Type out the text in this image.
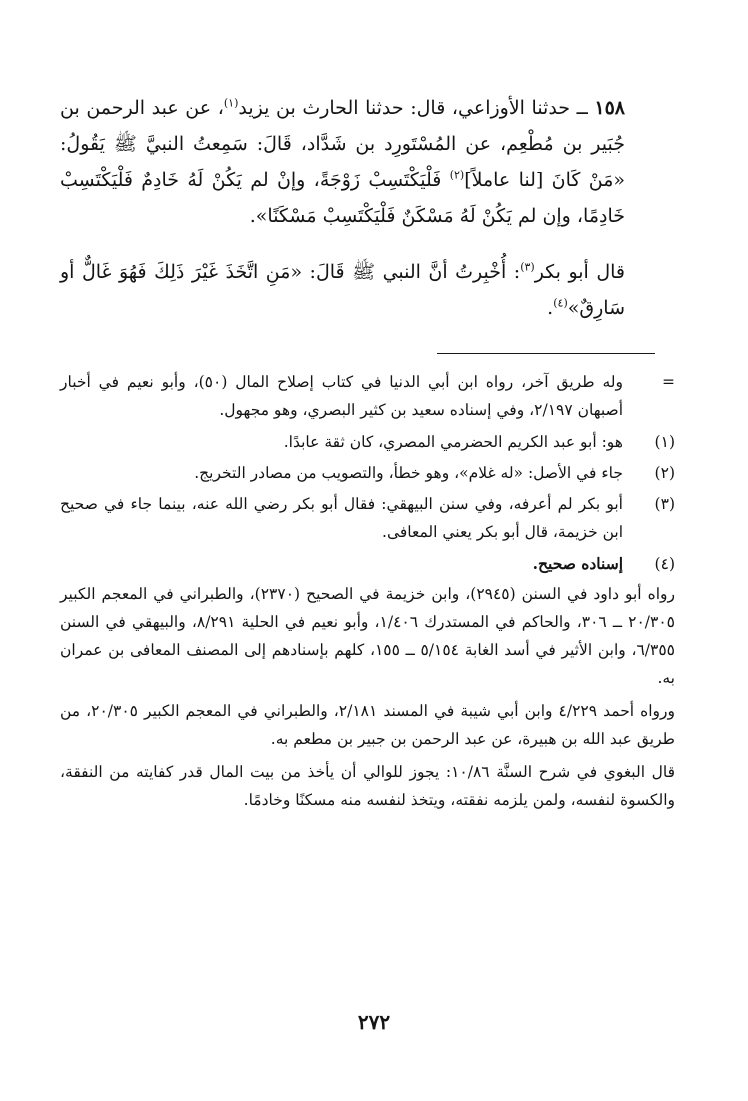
١٥٨ ــ حدثنا الأوزاعي، قال: حدثنا الحارث بن يزيد$^{(١)}$، عن عبد الرحمن بن جُبَير بن مُطْعِم، عن المُسْتَورِد بن شَدَّاد، قَالَ: سَمِعتُ النبيَّ ﷺ يَقُولُ: «مَنْ كَانَ [لنا عاملاً]$^{(٢)}$ فَلْيَكْتَسِبْ زَوْجَةً، وإنْ لم يَكُنْ لَهُ خَادِمٌ فَلْيَكْتَسِبْ خَادِمًا، وإن لم يَكُنْ لَهُ مَسْكَنٌ فَلْيَكْتَسِبْ مَسْكَنًا».

قال أبو بكر$^{(٣)}$: أُخْبِرتُ أنَّ النبي ﷺ قَالَ: «مَنِ اتَّخَذَ غَيْرَ ذَلِكَ فَهُوَ غَالٌّ أو سَارِقٌ»$^{(٤)}$.

=
وله طريق آخر، رواه ابن أبي الدنيا في كتاب إصلاح المال (٥٠)، وأبو نعيم في أخبار أصبهان ٢/١٩٧، وفي إسناده سعيد بن كثير البصري، وهو مجهول.
(١)
هو: أبو عبد الكريم الحضرمي المصري، كان ثقة عابدًا.
(٢)
جاء في الأصل: «له غلام»، وهو خطأ، والتصويب من مصادر التخريج.
(٣)
أبو بكر لم أعرفه، وفي سنن البيهقي: فقال أبو بكر رضي الله عنه، بينما جاء في صحيح ابن خزيمة، قال أبو بكر يعني المعافى.
(٤)
إسناده صحيح.
رواه أبو داود في السنن (٢٩٤٥)، وابن خزيمة في الصحيح (٢٣٧٠)، والطبراني في المعجم الكبير ٢٠/٣٠٥ ــ ٣٠٦، والحاكم في المستدرك ١/٤٠٦، وأبو نعيم في الحلية ٨/٢٩١، والبيهقي في السنن ٦/٣٥٥، وابن الأثير في أسد الغابة ٥/١٥٤ ــ ١٥٥، كلهم بإسنادهم إلى المصنف المعافى بن عمران به.
ورواه أحمد ٤/٢٢٩ وابن أبي شيبة في المسند ٢/١٨١، والطبراني في المعجم الكبير ٢٠/٣٠٥، من طريق عبد الله بن هبيرة، عن عبد الرحمن بن جبير بن مطعم به.
قال البغوي في شرح السنَّة ١٠/٨٦: يجوز للوالي أن يأخذ من بيت المال قدر كفايته من النفقة، والكسوة لنفسه، ولمن يلزمه نفقته، ويتخذ لنفسه منه مسكنًا وخادمًا.
٢٧٢
